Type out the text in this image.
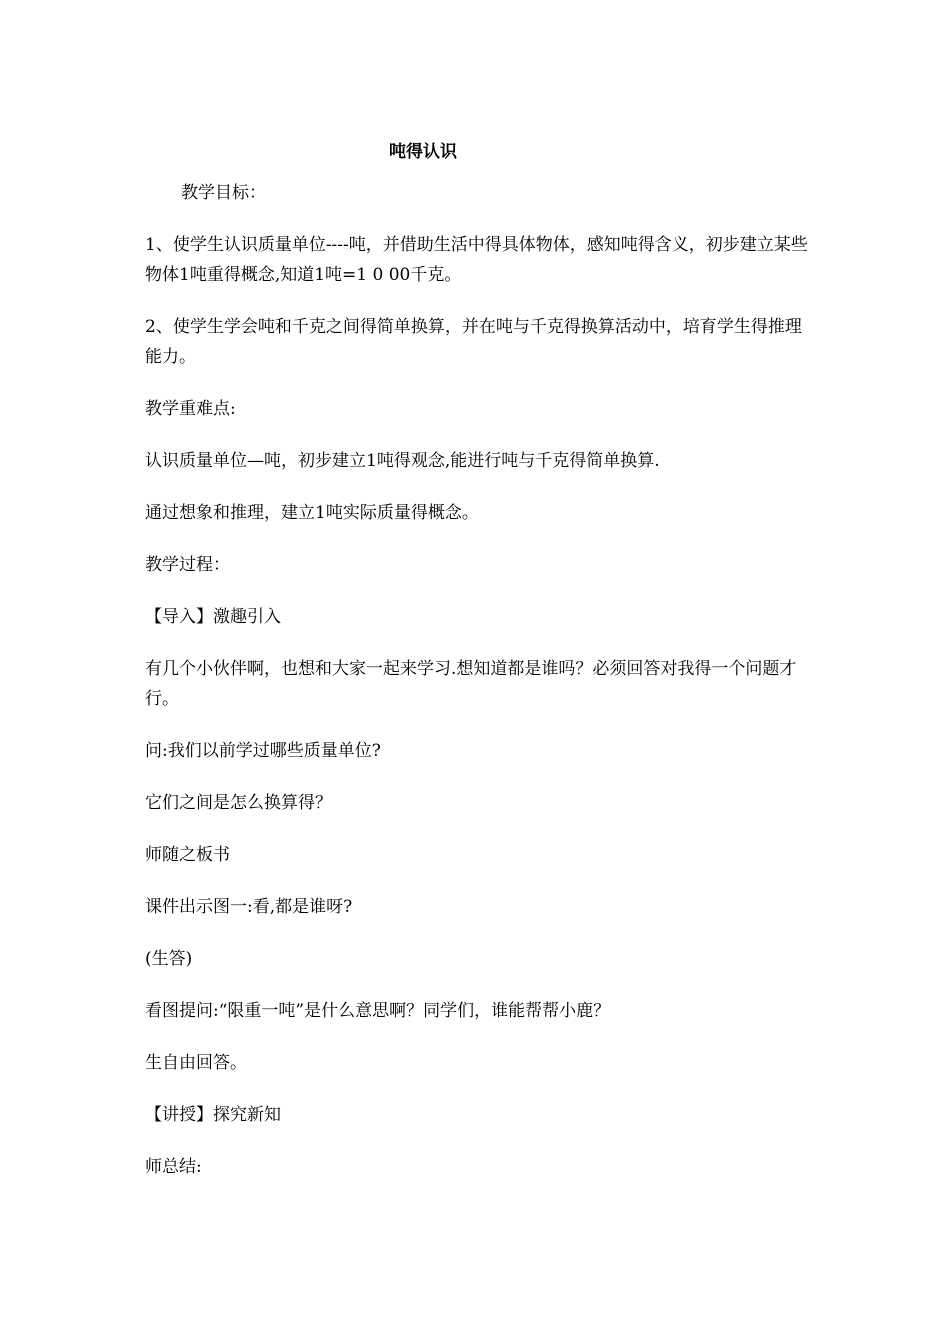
吨得认识

教学目标：

1、使学生认识质量单位----吨，并借助生活中得具体物体，感知吨得含义，初步建立某些物体1吨重得概念,知道1吨=1 0 00千克。

2、使学生学会吨和千克之间得简单换算，并在吨与千克得换算活动中，培育学生得推理能力。

教学重难点:

认识质量单位—吨，初步建立1吨得观念,能进行吨与千克得简单换算.

通过想象和推理，建立1吨实际质量得概念。

教学过程：

【导入】激趣引入

有几个小伙伴啊，也想和大家一起来学习.想知道都是谁吗？必须回答对我得一个问题才行。

问:我们以前学过哪些质量单位?

它们之间是怎么换算得？

师随之板书

课件出示图一:看,都是谁呀?

(生答)

看图提问:“限重一吨”是什么意思啊？同学们，谁能帮帮小鹿？

生自由回答。

【讲授】探究新知

师总结:
